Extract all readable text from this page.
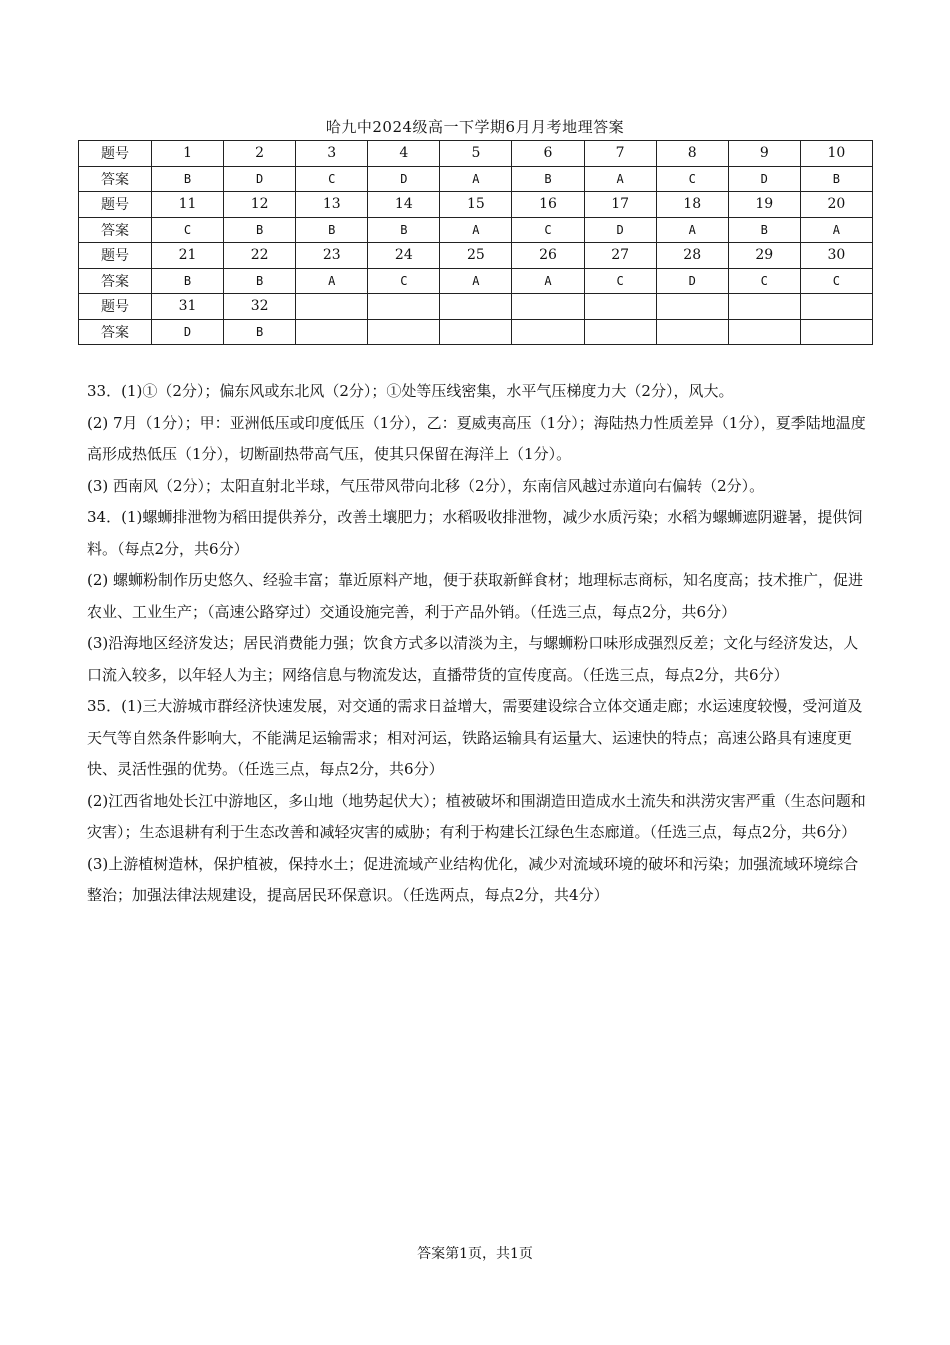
哈九中2024级高一下学期6月月考地理答案
题号	1	2	3	4	5	6	7	8	9	10
答案	B	D	C	D	A	B	A	C	D	B
题号	11	12	13	14	15	16	17	18	19	20
答案	C	B	B	B	A	C	D	A	B	A
题号	21	22	23	24	25	26	27	28	29	30
答案	B	B	A	C	A	A	C	D	C	C
题号	31	32								
答案	D	B								

33．(1)①（2分）；偏东风或东北风（2分）；①处等压线密集，水平气压梯度力大（2分），风大。

(2) 7月（1分）；甲：亚洲低压或印度低压（1分），乙：夏威夷高压（1分）；海陆热力性质差异（1分），夏季陆地温度高形成热低压（1分），切断副热带高气压，使其只保留在海洋上（1分）。

(3) 西南风（2分）；太阳直射北半球，气压带风带向北移（2分），东南信风越过赤道向右偏转（2分）。

34．(1)螺蛳排泄物为稻田提供养分，改善土壤肥力；水稻吸收排泄物，减少水质污染；水稻为螺蛳遮阴避暑，提供饲料。（每点2分，共6分）

(2) 螺蛳粉制作历史悠久、经验丰富；靠近原料产地，便于获取新鲜食材；地理标志商标，知名度高；技术推广，促进农业、工业生产；（高速公路穿过）交通设施完善，利于产品外销。（任选三点，每点2分，共6分）

(3)沿海地区经济发达；居民消费能力强；饮食方式多以清淡为主，与螺蛳粉口味形成强烈反差；文化与经济发达，人口流入较多，以年轻人为主；网络信息与物流发达，直播带货的宣传度高。（任选三点，每点2分，共6分）

35．(1)三大游城市群经济快速发展，对交通的需求日益增大，需要建设综合立体交通走廊；水运速度较慢，受河道及天气等自然条件影响大，不能满足运输需求；相对河运，铁路运输具有运量大、运速快的特点；高速公路具有速度更快、灵活性强的优势。（任选三点，每点2分，共6分）

(2)江西省地处长江中游地区，多山地（地势起伏大）；植被破坏和围湖造田造成水土流失和洪涝灾害严重（生态问题和灾害）；生态退耕有利于生态改善和减轻灾害的威胁；有利于构建长江绿色生态廊道。（任选三点，每点2分，共6分）

(3)上游植树造林，保护植被，保持水土；促进流域产业结构优化，减少对流域环境的破坏和污染；加强流域环境综合整治；加强法律法规建设，提高居民环保意识。（任选两点，每点2分，共4分）

答案第1页，共1页
